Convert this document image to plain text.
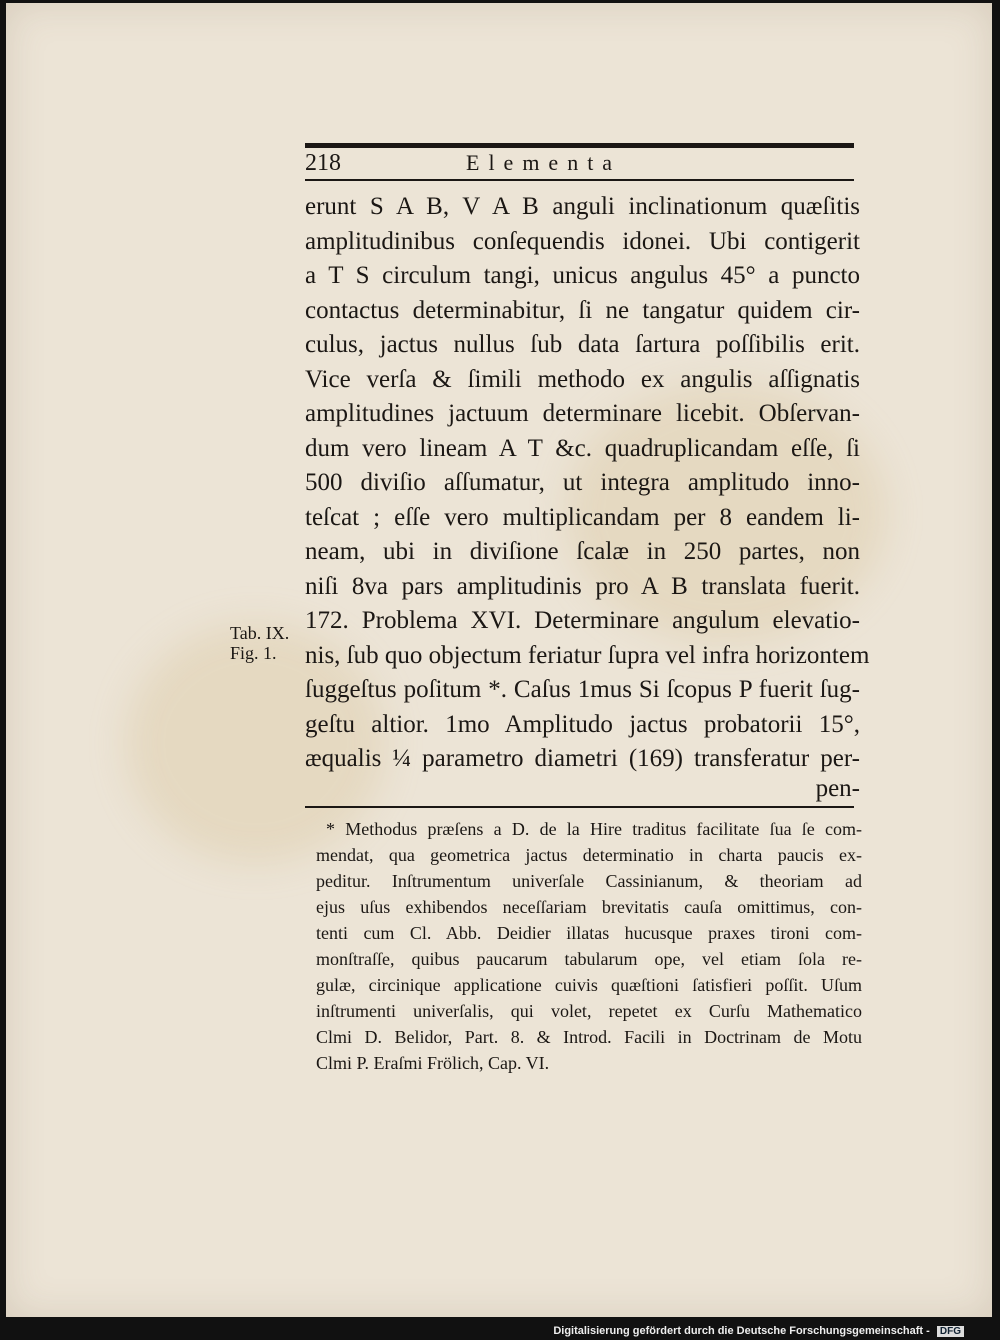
218	Elementa
erunt S A B, V A B anguli inclinationum quæſitis
amplitudinibus conſequendis idonei. Ubi contigerit
a T S circulum tangi, unicus angulus 45° a puncto
contactus determinabitur, ſi ne tangatur quidem cir-
culus, jactus nullus ſub data ſartura poſſibilis erit.
Vice verſa & ſimili methodo ex angulis aſſignatis
amplitudines jactuum determinare licebit. Obſervan-
dum vero lineam A T &c. quadruplicandam eſſe, ſi
500 diviſio aſſumatur, ut integra amplitudo inno-
teſcat ; eſſe vero multiplicandam per 8 eandem li-
neam, ubi in diviſione ſcalæ in 250 partes, non
niſi 8va pars amplitudinis pro A B translata fuerit.
172. Problema XVI. Determinare angulum elevatio-
nis, ſub quo objectum feriatur ſupra vel infra horizontem
ſuggeſtus poſitum *. Caſus 1mus Si ſcopus P fuerit ſug-
geſtu altior. 1mo Amplitudo jactus probatorii 15°,
æqualis ¼ parametro diametri (169) transferatur per-
pen-
Tab. IX.
Fig. 1.
* Methodus præſens a D. de la Hire traditus facilitate ſua ſe com-
mendat, qua geometrica jactus determinatio in charta paucis ex-
peditur. Inſtrumentum univerſale Cassinianum, & theoriam ad
ejus uſus exhibendos neceſſariam brevitatis cauſa omittimus, con-
tenti cum Cl. Abb. Deidier illatas hucusque praxes tironi com-
monſtraſſe, quibus paucarum tabularum ope, vel etiam ſola re-
gulæ, circinique applicatione cuivis quæſtioni ſatisfieri poſſit. Uſum
inſtrumenti univerſalis, qui volet, repetet ex Curſu Mathematico
Clmi D. Belidor, Part. 8. & Introd. Facili in Doctrinam de Motu
Clmi P. Eraſmi Frölich, Cap. VI.
Digitalisierung gefördert durch die Deutsche Forschungsgemeinschaft - DFG
